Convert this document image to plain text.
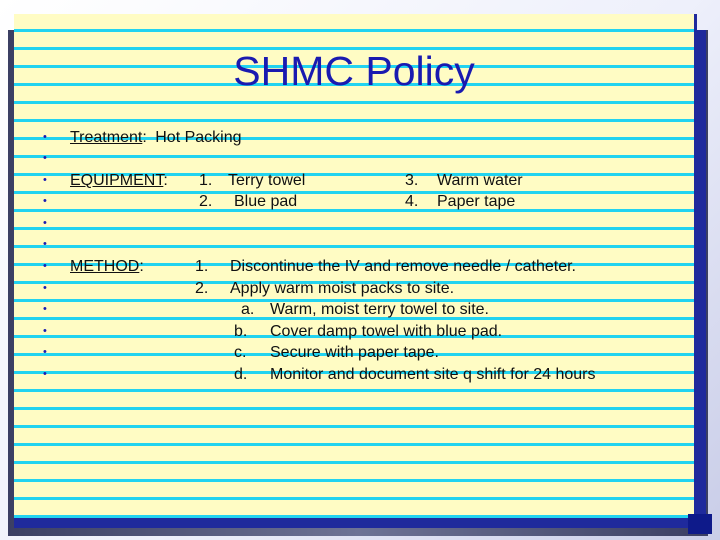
SHMC Policy
•
•
•
•
•
•
•
•
•
•
•
•
Treatment: Hot Packing
EQUIPMENT: 1. Terry towel
2. Blue pad
3. Warm water
4. Paper tape
METHOD:	1. Discontinue the IV and remove needle / catheter.
2. Apply warm moist packs to site.
a. Warm, moist terry towel to site.
b. Cover damp towel with blue pad.
c. Secure with paper tape.
d. Monitor and document site q shift for 24 hours
